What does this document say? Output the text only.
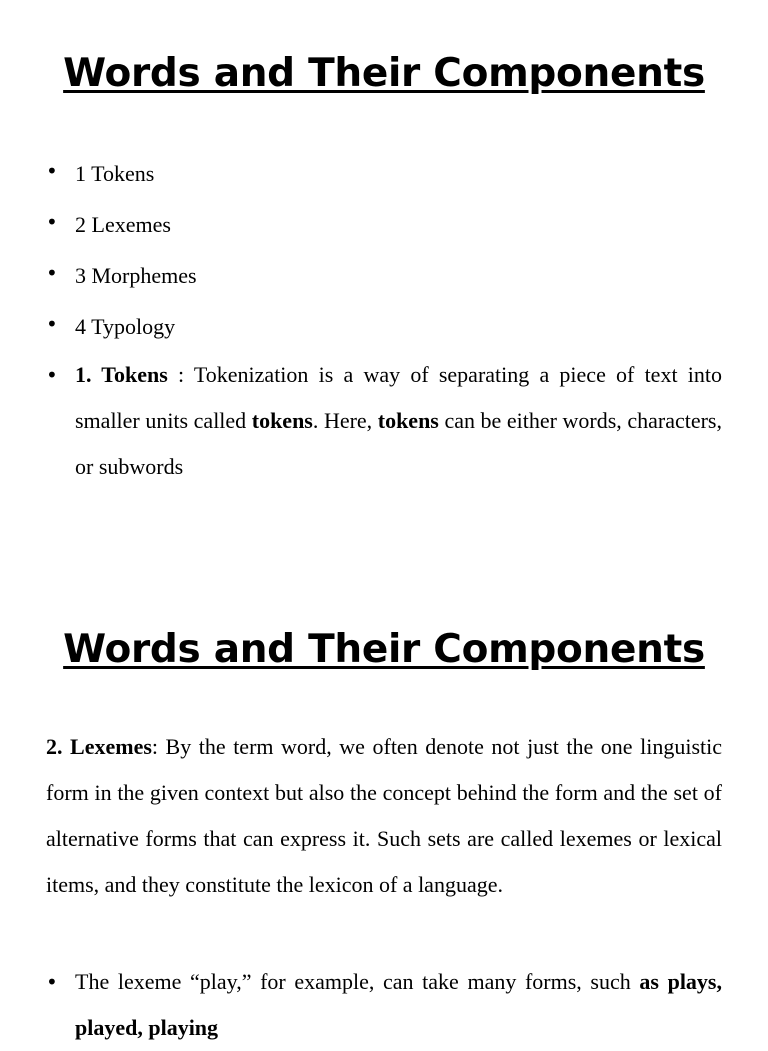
Words and Their Components
• 1 Tokens
• 2 Lexemes
• 3 Morphemes
• 4 Typology
• 1. Tokens : Tokenization is a way of separating a piece of text into smaller units called tokens. Here, tokens can be either words, characters, or subwords
Words and Their Components

2. Lexemes: By the term word, we often denote not just the one linguistic form in the given context but also the concept behind the form and the set of alternative forms that can express it. Such sets are called lexemes or lexical items, and they constitute the lexicon of a language.

• The lexeme “play,” for example, can take many forms, such as plays, played, playing
